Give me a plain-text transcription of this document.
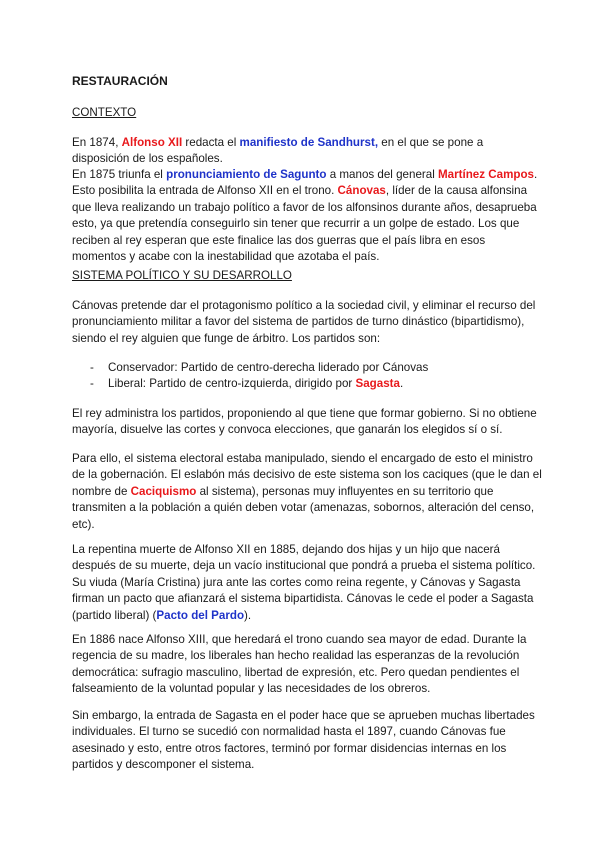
RESTAURACIÓN

CONTEXTO

En 1874, Alfonso XII redacta el manifiesto de Sandhurst, en el que se pone a disposición de los españoles.

En 1875 triunfa el pronunciamiento de Sagunto a manos del general Martínez Campos. Esto posibilita la entrada de Alfonso XII en el trono. Cánovas, líder de la causa alfonsina que lleva realizando un trabajo político a favor de los alfonsinos durante años, desaprueba esto, ya que pretendía conseguirlo sin tener que recurrir a un golpe de estado. Los que reciben al rey esperan que este finalice las dos guerras que el país libra en esos momentos y acabe con la inestabilidad que azotaba el país.

SISTEMA POLÍTICO Y SU DESARROLLO

Cánovas pretende dar el protagonismo político a la sociedad civil, y eliminar el recurso del pronunciamiento militar a favor del sistema de partidos de turno dinástico (bipartidismo), siendo el rey alguien que funge de árbitro. Los partidos son:

- Conservador: Partido de centro-derecha liderado por Cánovas
- Liberal: Partido de centro-izquierda, dirigido por Sagasta.

El rey administra los partidos, proponiendo al que tiene que formar gobierno. Si no obtiene mayoría, disuelve las cortes y convoca elecciones, que ganarán los elegidos sí o sí.

Para ello, el sistema electoral estaba manipulado, siendo el encargado de esto el ministro de la gobernación. El eslabón más decisivo de este sistema son los caciques (que le dan el nombre de Caciquismo al sistema), personas muy influyentes en su territorio que transmiten a la población a quién deben votar (amenazas, sobornos, alteración del censo, etc).

La repentina muerte de Alfonso XII en 1885, dejando dos hijas y un hijo que nacerá después de su muerte, deja un vacío institucional que pondrá a prueba el sistema político. Su viuda (María Cristina) jura ante las cortes como reina regente, y Cánovas y Sagasta firman un pacto que afianzará el sistema bipartidista. Cánovas le cede el poder a Sagasta (partido liberal) (Pacto del Pardo).

En 1886 nace Alfonso XIII, que heredará el trono cuando sea mayor de edad. Durante la regencia de su madre, los liberales han hecho realidad las esperanzas de la revolución democrática: sufragio masculino, libertad de expresión, etc. Pero quedan pendientes el falseamiento de la voluntad popular y las necesidades de los obreros.

Sin embargo, la entrada de Sagasta en el poder hace que se aprueben muchas libertades individuales. El turno se sucedió con normalidad hasta el 1897, cuando Cánovas fue asesinado y esto, entre otros factores, terminó por formar disidencias internas en los partidos y descomponer el sistema.
